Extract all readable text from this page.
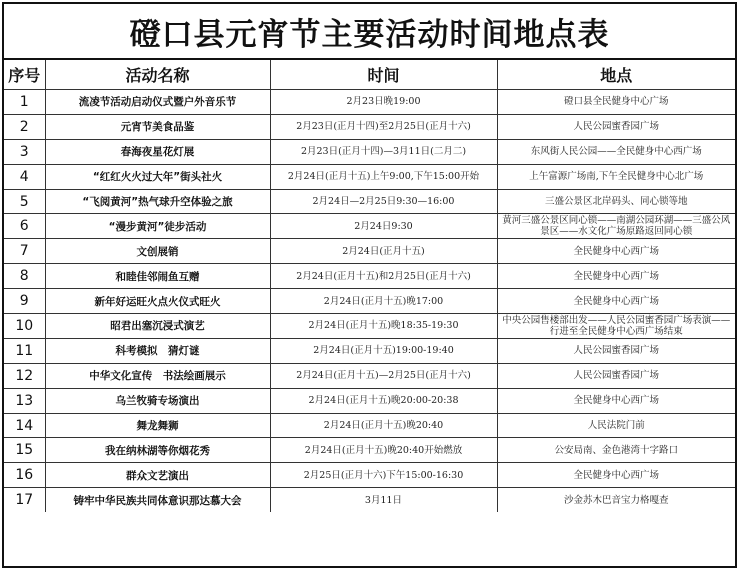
磴口县元宵节主要活动时间地点表
序号	活动名称	时间	地点
1	流凌节活动启动仪式暨户外音乐节	2月23日晚19:00	磴口县全民健身中心广场
2	元宵节美食品鉴	2月23日(正月十四)至2月25日(正月十六)	人民公园蜜香园广场
3	春海夜星花灯展	2月23日(正月十四)—3月11日(二月二)	东风街人民公园——全民健身中心西广场
4	“红红火火过大年”街头社火	2月24日(正月十五)上午9:00,下午15:00开始	上午富源广场南,下午全民健身中心北广场
5	“飞阅黄河”热气球升空体验之旅	2月24日—2月25日9:30—16:00	三盛公景区北岸码头、同心锁等地
6	“漫步黄河”徒步活动	2月24日9:30	黄河三盛公景区同心锁——南湖公园环湖——三盛公风景区——水文化广场原路返回同心锁
7	文创展销	2月24日(正月十五)	全民健身中心西广场
8	和睦佳邻闹鱼互赠	2月24日(正月十五)和2月25日(正月十六)	全民健身中心西广场
9	新年好运旺火点火仪式旺火	2月24日(正月十五)晚17:00	全民健身中心西广场
10	昭君出塞沉浸式演艺	2月24日(正月十五)晚18:35-19:30	中央公园售楼部出发——人民公园蜜香园广场表演——行进至全民健身中心西广场结束
11	科考模拟　猜灯谜	2月24日(正月十五)19:00-19:40	人民公园蜜香园广场
12	中华文化宣传　书法绘画展示	2月24日(正月十五)—2月25日(正月十六)	人民公园蜜香园广场
13	乌兰牧骑专场演出	2月24日(正月十五)晚20:00-20:38	全民健身中心西广场
14	舞龙舞狮	2月24日(正月十五)晚20:40	人民法院门前
15	我在纳林湖等你烟花秀	2月24日(正月十五)晚20:40开始燃放	公安局南、金色港湾十字路口
16	群众文艺演出	2月25日(正月十六)下午15:00-16:30	全民健身中心西广场
17	铸牢中华民族共同体意识那达慕大会	3月11日	沙金苏木巴音宝力格嘎查
